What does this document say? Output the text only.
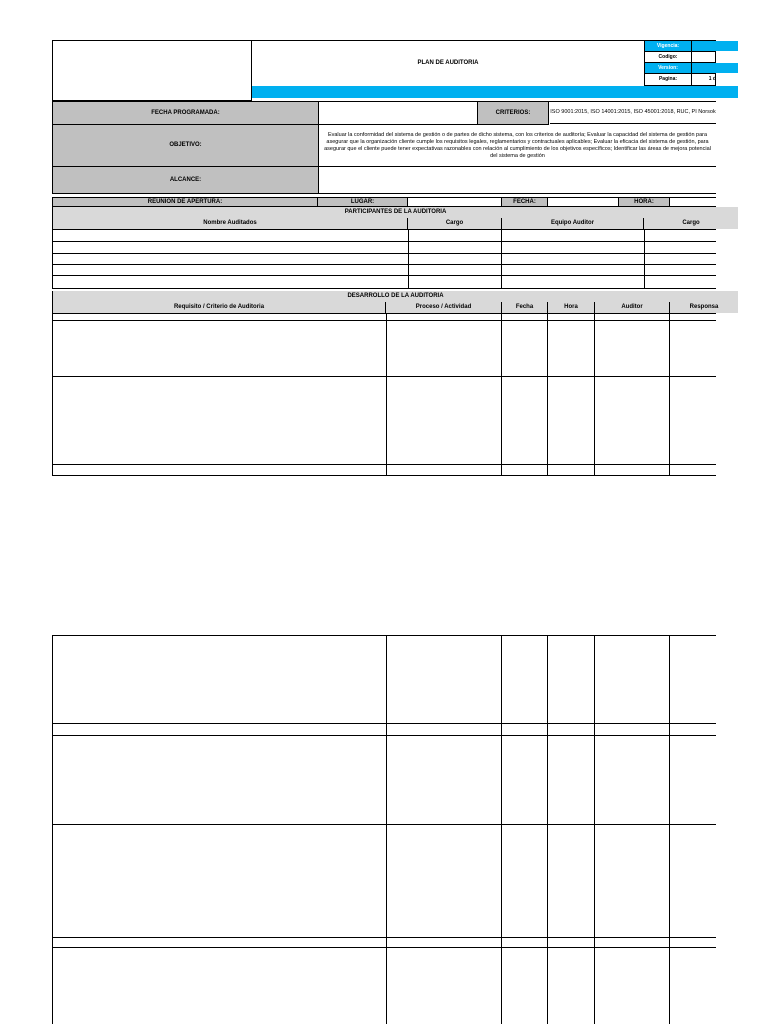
PLAN DE AUDITORIA
Vigencia:
Codigo:
Version:
Pagina:	1 d
FECHA PROGRAMADA:	CRITERIOS:	ISO 9001:2015, ISO 14001:2015, ISO 45001:2018, RUC, PI Norsok
OBJETIVO:
Evaluar la conformidad del sistema de gestión o de partes de dicho sistema, con los criterios de auditoría; Evaluar la capacidad del sistema de gestión para asegurar que la organización cliente cumple los requisitos legales, reglamentarios y contractuales aplicables; Evaluar la eficacia del sistema de gestión, para asegurar que el cliente puede tener expectativas razonables con relación al cumplimiento de los objetivos específicos; Identificar las áreas de mejora potencial del sistema de gestión
ALCANCE:
REUNION DE APERTURA:	LUGAR:	FECHA:	HORA:
PARTICIPANTES DE LA AUDITORIA
Nombre Auditados	Cargo	Equipo Auditor	Cargo
DESARROLLO DE LA AUDITORIA
Requisito / Criterio de Auditoria	Proceso / Actividad	Fecha	Hora	Auditor	Responsa
